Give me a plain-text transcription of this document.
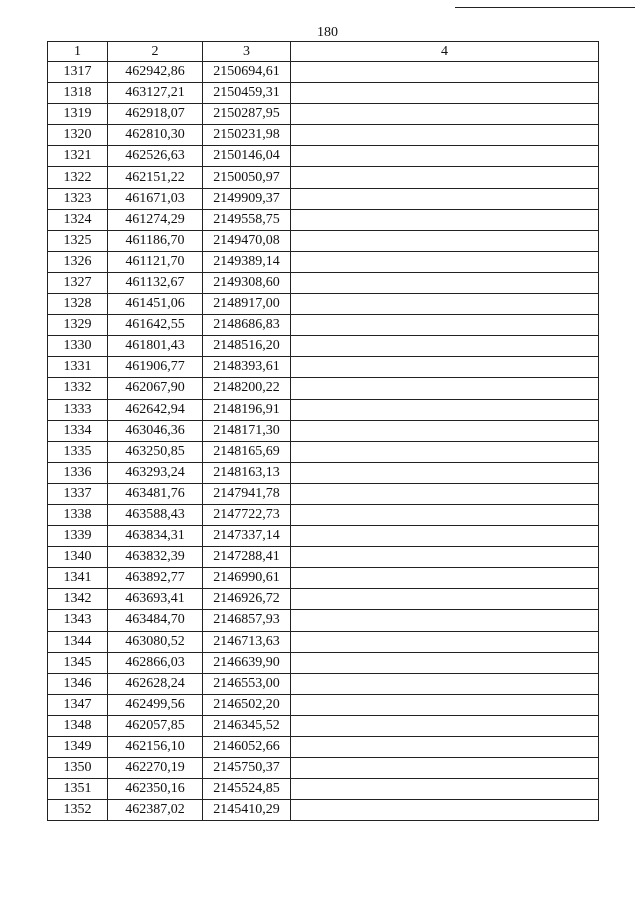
180
1	2	3	4
1317	462942,86	2150694,61	
1318	463127,21	2150459,31	
1319	462918,07	2150287,95	
1320	462810,30	2150231,98	
1321	462526,63	2150146,04	
1322	462151,22	2150050,97	
1323	461671,03	2149909,37	
1324	461274,29	2149558,75	
1325	461186,70	2149470,08	
1326	461121,70	2149389,14	
1327	461132,67	2149308,60	
1328	461451,06	2148917,00	
1329	461642,55	2148686,83	
1330	461801,43	2148516,20	
1331	461906,77	2148393,61	
1332	462067,90	2148200,22	
1333	462642,94	2148196,91	
1334	463046,36	2148171,30	
1335	463250,85	2148165,69	
1336	463293,24	2148163,13	
1337	463481,76	2147941,78	
1338	463588,43	2147722,73	
1339	463834,31	2147337,14	
1340	463832,39	2147288,41	
1341	463892,77	2146990,61	
1342	463693,41	2146926,72	
1343	463484,70	2146857,93	
1344	463080,52	2146713,63	
1345	462866,03	2146639,90	
1346	462628,24	2146553,00	
1347	462499,56	2146502,20	
1348	462057,85	2146345,52	
1349	462156,10	2146052,66	
1350	462270,19	2145750,37	
1351	462350,16	2145524,85	
1352	462387,02	2145410,29	
